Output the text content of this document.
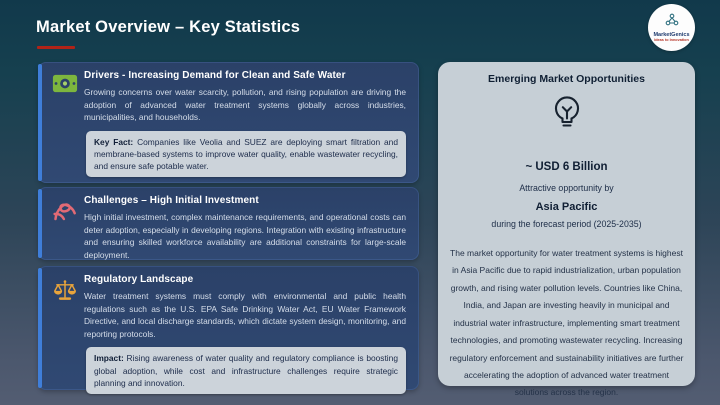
Market Overview – Key Statistics	MarketGenics
Ideas to Innovation
Drivers - Increasing Demand for Clean and Safe Water
Growing concerns over water scarcity, pollution, and rising population are driving the adoption of advanced water treatment systems globally across industries, municipalities, and households.
Key Fact: Companies like Veolia and SUEZ are deploying smart filtration and membrane-based systems to improve water quality, enable wastewater recycling, and ensure safe potable water.
Challenges – High Initial Investment
High initial investment, complex maintenance requirements, and operational costs can deter adoption, especially in developing regions. Integration with existing infrastructure and ensuring skilled workforce availability are additional constraints for large-scale deployment.
Regulatory Landscape
Water treatment systems must comply with environmental and public health regulations such as the U.S. EPA Safe Drinking Water Act, EU Water Framework Directive, and local discharge standards, which dictate system design, monitoring, and reporting protocols.
Impact: Rising awareness of water quality and regulatory compliance is boosting global adoption, while cost and infrastructure challenges require strategic planning and innovation.
Emerging Market Opportunities
~ USD 6 Billion
Attractive opportunity by
Asia Pacific
during the forecast period (2025-2035)
The market opportunity for water treatment systems is highest in Asia Pacific due to rapid industrialization, urban population growth, and rising water pollution levels. Countries like China, India, and Japan are investing heavily in municipal and industrial water infrastructure, implementing smart treatment technologies, and promoting wastewater recycling. Increasing regulatory enforcement and sustainability initiatives are further accelerating the adoption of advanced water treatment solutions across the region.
